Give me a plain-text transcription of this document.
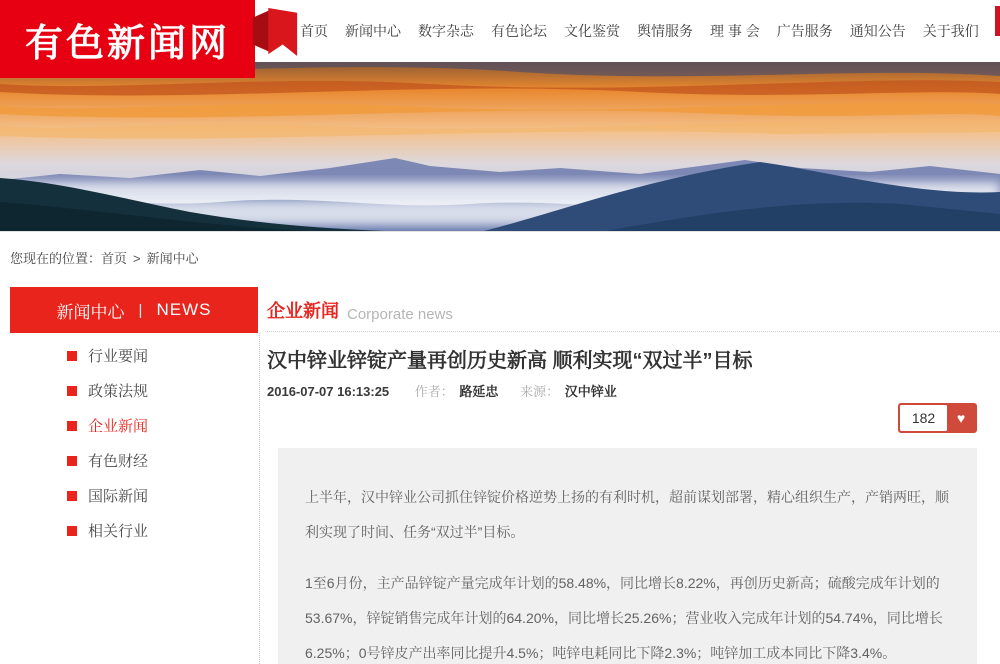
首页 新闻中心 数字杂志 有色论坛 文化鉴赏 舆情服务 理 事 会 广告服务 通知公告 关于我们
有色新闻网
您现在的位置：首页 > 新闻中心
新闻中心 | NEWS
行业要闻
政策法规
企业新闻
有色财经
国际新闻
相关行业
企业新闻 Corporate news
汉中锌业锌锭产量再创历史新高 顺利实现“双过半”目标
2016-07-07 16:13:25 作者： 路延忠 来源： 汉中锌业
182	♥

上半年，汉中锌业公司抓住锌锭价格逆势上扬的有利时机，超前谋划部署，精心组织生产，产销两旺，顺利实现了时间、任务“双过半”目标。

1至6月份，主产品锌锭产量完成年计划的58.48%，同比增长8.22%，再创历史新高；硫酸完成年计划的53.67%，锌锭销售完成年计划的64.20%，同比增长25.26%；营业收入完成年计划的54.74%，同比增长6.25%；0号锌皮产出率同比提升4.5%；吨锌电耗同比下降2.3%；吨锌加工成本同比下降3.4%。
